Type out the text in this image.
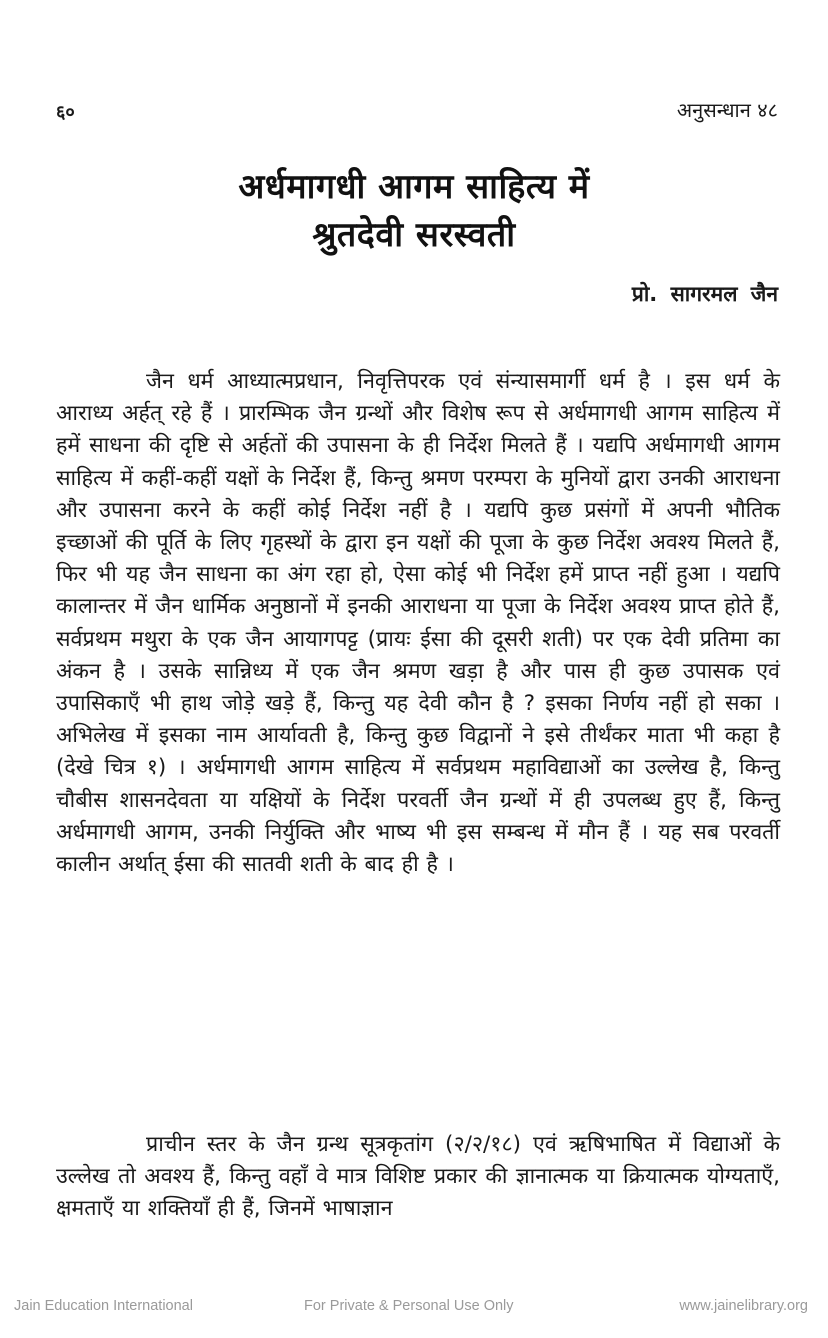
६०	अनुसन्धान ४८
अर्धमागधी आगम साहित्य में
श्रुतदेवी सरस्वती
प्रो. सागरमल जैन

जैन धर्म आध्यात्मप्रधान, निवृत्तिपरक एवं संन्यासमार्गी धर्म है । इस धर्म के आराध्य अर्हत् रहे हैं । प्रारम्भिक जैन ग्रन्थों और विशेष रूप से अर्धमागधी आगम साहित्य में हमें साधना की दृष्टि से अर्हतों की उपासना के ही निर्देश मिलते हैं । यद्यपि अर्धमागधी आगम साहित्य में कहीं-कहीं यक्षों के निर्देश हैं, किन्तु श्रमण परम्परा के मुनियों द्वारा उनकी आराधना और उपासना करने के कहीं कोई निर्देश नहीं है । यद्यपि कुछ प्रसंगों में अपनी भौतिक इच्छाओं की पूर्ति के लिए गृहस्थों के द्वारा इन यक्षों की पूजा के कुछ निर्देश अवश्य मिलते हैं, फिर भी यह जैन साधना का अंग रहा हो, ऐसा कोई भी निर्देश हमें प्राप्त नहीं हुआ । यद्यपि कालान्तर में जैन धार्मिक अनुष्ठानों में इनकी आराधना या पूजा के निर्देश अवश्य प्राप्त होते हैं, सर्वप्रथम मथुरा के एक जैन आयागपट्ट (प्रायः ईसा की दूसरी शती) पर एक देवी प्रतिमा का अंकन है । उसके सान्निध्य में एक जैन श्रमण खड़ा है और पास ही कुछ उपासक एवं उपासिकाएँ भी हाथ जोड़े खड़े हैं, किन्तु यह देवी कौन है ? इसका निर्णय नहीं हो सका । अभिलेख में इसका नाम आर्यावती है, किन्तु कुछ विद्वानों ने इसे तीर्थंकर माता भी कहा है (देखे चित्र १) । अर्धमागधी आगम साहित्य में सर्वप्रथम महाविद्याओं का उल्लेख है, किन्तु चौबीस शासनदेवता या यक्षियों के निर्देश परवर्ती जैन ग्रन्थों में ही उपलब्ध हुए हैं, किन्तु अर्धमागधी आगम, उनकी निर्युक्ति और भाष्य भी इस सम्बन्ध में मौन हैं । यह सब परवर्ती कालीन अर्थात् ईसा की सातवी शती के बाद ही है ।

प्राचीन स्तर के जैन ग्रन्थ सूत्रकृतांग (२/२/१८) एवं ऋषिभाषित में विद्याओं के उल्लेख तो अवश्य हैं, किन्तु वहाँ वे मात्र विशिष्ट प्रकार की ज्ञानात्मक या क्रियात्मक योग्यताएँ, क्षमताएँ या शक्तियाँ ही हैं, जिनमें भाषाज्ञान

Jain Education International	For Private & Personal Use Only	www.jainelibrary.org
